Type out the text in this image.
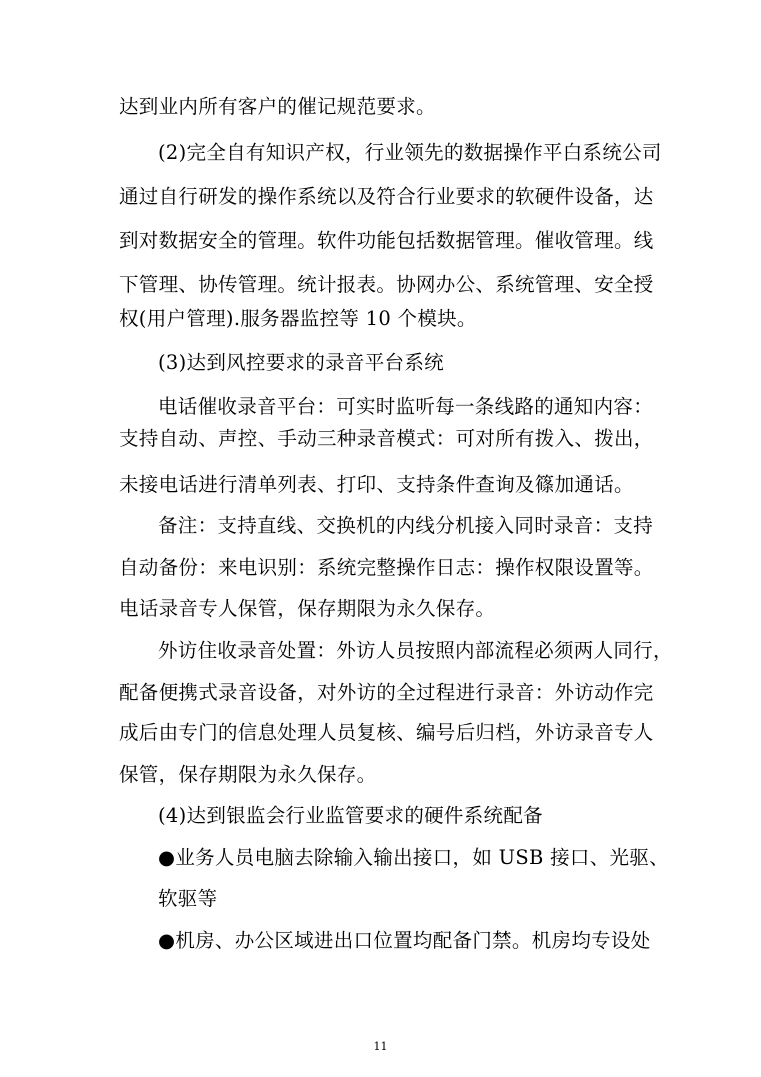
达到业内所有客户的催记规范要求。
(2)完全自有知识产权，行业领先的数据操作平白系统公司
通过自行研发的操作系统以及符合行业要求的软硬件设备，达
到对数据安全的管理。软件功能包括数据管理。催收管理。线
下管理、协传管理。统计报表。协网办公、系统管理、安全授
权(用户管理).服务器监控等 10 个模块。
(3)达到风控要求的录音平台系统
电话催收录音平台：可实时监听每一条线路的通知内容：
支持自动、声控、手动三种录音模式：可对所有拨入、拨出，
未接电话进行清单列表、打印、支持条件查询及篠加通话。
备注：支持直线、交换机的内线分机接入同时录音：支持
自动备份：来电识别：系统完整操作日志：操作权限设置等。
电话录音专人保管，保存期限为永久保存。
外访住收录音处置：外访人员按照内部流程必须两人同行，
配备便携式录音设备，对外访的全过程进行录音：外访动作完
成后由专门的信息处理人员复核、编号后归档，外访录音专人
保管，保存期限为永久保存。
(4)达到银监会行业监管要求的硬件系统配备
●业务人员电脑去除输入输出接口，如 USB 接口、光驱、
软驱等
●机房、办公区域进出口位置均配备门禁。机房均专设处
11
